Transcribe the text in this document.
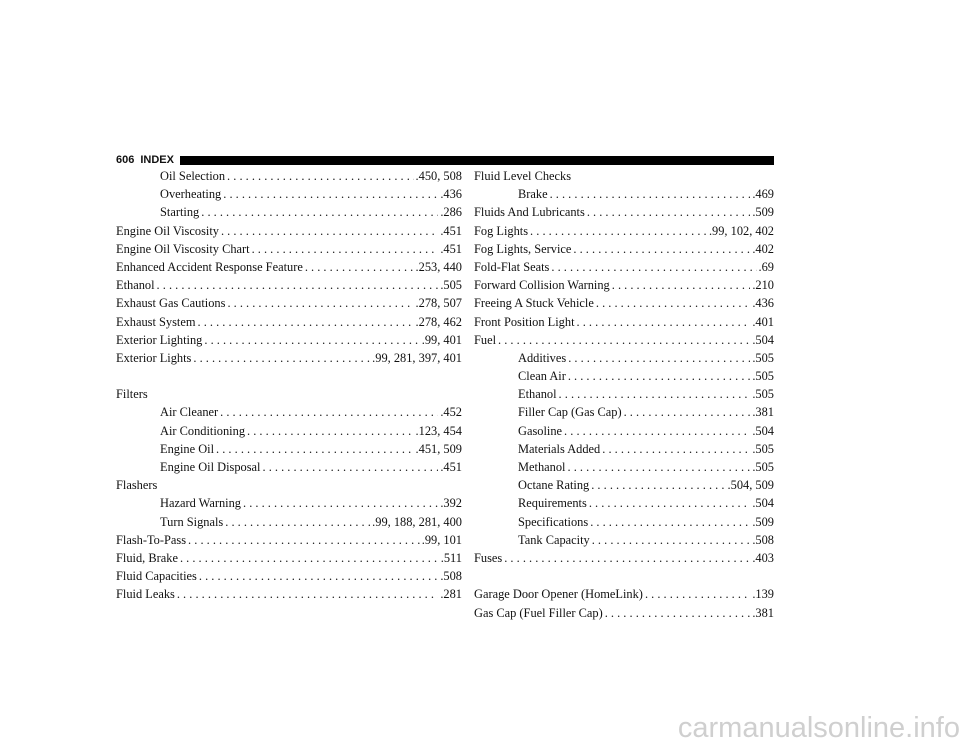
606 INDEX
Oil Selection . . .	.450, 508
Overheating . . .	.436
Starting . . .	.286
Engine Oil Viscosity . . .	.451
Engine Oil Viscosity Chart . . .	.451
Enhanced Accident Response Feature . . .	.253, 440
Ethanol . . .	.505
Exhaust Gas Cautions . . .	.278, 507
Exhaust System . . .	.278, 462
Exterior Lighting . . .	.99, 401
Exterior Lights . . .	.99, 281, 397, 401
Filters
Air Cleaner . . .	.452
Air Conditioning . . .	.123, 454
Engine Oil . . .	.451, 509
Engine Oil Disposal . . .	.451
Flashers
Hazard Warning . . .	.392
Turn Signals . . .	.99, 188, 281, 400
Flash-To-Pass . . .	.99, 101
Fluid, Brake . . .	.511
Fluid Capacities . . .	.508
Fluid Leaks . . .	.281
Fluid Level Checks
Brake . . .	.469
Fluids And Lubricants . . .	.509
Fog Lights . . .	.99, 102, 402
Fog Lights, Service . . .	.402
Fold-Flat Seats . . .	.69
Forward Collision Warning . . .	.210
Freeing A Stuck Vehicle . . .	.436
Front Position Light . . .	.401
Fuel . . .	.504
Additives . . .	.505
Clean Air . . .	.505
Ethanol . . .	.505
Filler Cap (Gas Cap) . . .	.381
Gasoline . . .	.504
Materials Added . . .	.505
Methanol . . .	.505
Octane Rating . . .	.504, 509
Requirements . . .	.504
Specifications . . .	.509
Tank Capacity . . .	.508
Fuses . . .	.403
Garage Door Opener (HomeLink) . . .	.139
Gas Cap (Fuel Filler Cap) . . .	.381
carmanualsonline.info
